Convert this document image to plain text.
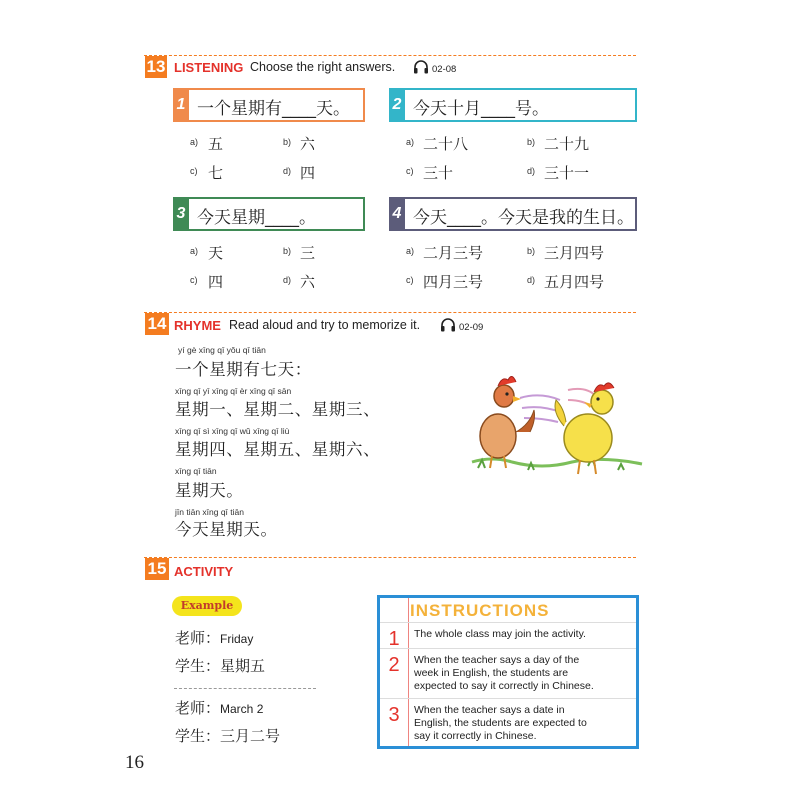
13 LISTENING Choose the right answers.	02-08
1 一个星期有____天。
a) 五	b) 六
c) 七	d) 四
2 今天十月____号。
a) 二十八	b) 二十九
c) 三十	d) 三十一
3 今天星期____。
a) 天	b) 三
c) 四	d) 六
4 今天____。今天是我的生日。
a) 二月三号	b) 三月四号
c) 四月三号	d) 五月四号
14 RHYME Read aloud and try to memorize it.	02-09
yí gè xīng qī yǒu qī tiān
一个星期有七天：
xīng qī yī xīng qī èr xīng qī sān
星期一、星期二、星期三、
xīng qī sì xīng qī wǔ xīng qī liù
星期四、星期五、星期六、
xīng qī tiān
星期天。
jīn tiān xīng qī tiān
今天星期天。
15 ACTIVITY
Example
老师：Friday
学生：星期五
老师：March 2
学生：三月二号
INSTRUCTIONS
1	The whole class may join the activity.
2	When the teacher says a day of the week in English, the students are expected to say it correctly in Chinese.
3	When the teacher says a date in English, the students are expected to say it correctly in Chinese.
16
